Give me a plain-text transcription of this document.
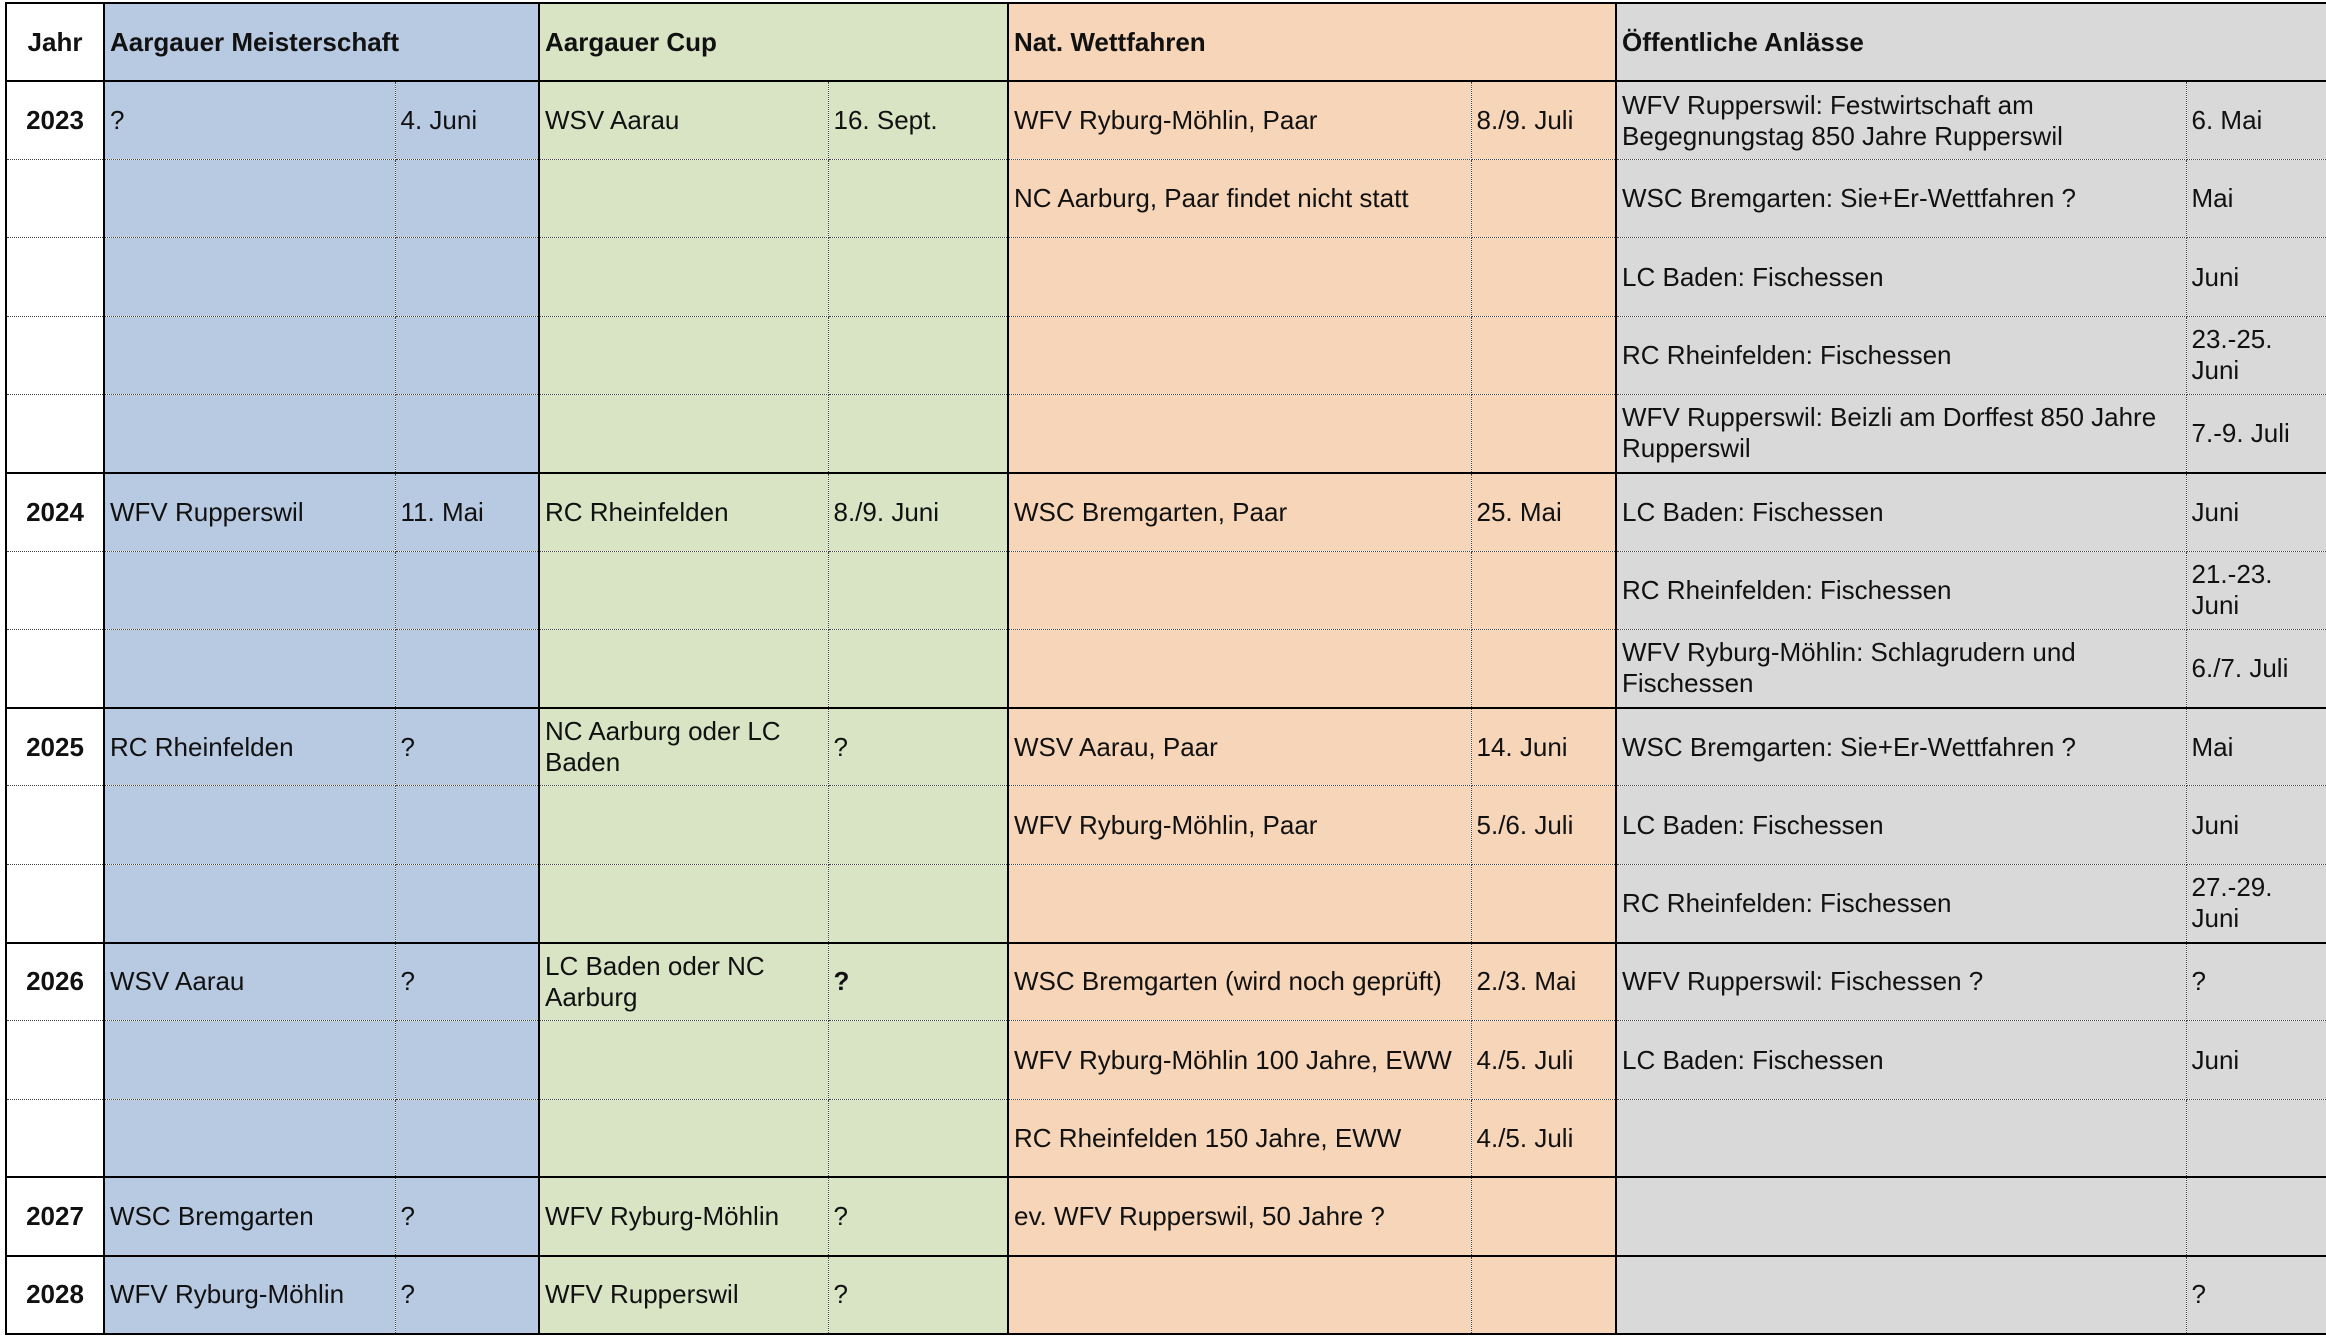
Jahr	Aargauer Meisterschaft		Aargauer Cup		Nat. Wettfahren		Öffentliche Anlässe	
2023	?	4. Juni	WSV Aarau	16. Sept.	WFV Ryburg-Möhlin, Paar	8./9. Juli	WFV Rupperswil: Festwirtschaft am Begegnungstag 850 Jahre Rupperswil	6. Mai
					NC Aarburg, Paar findet nicht statt		WSC Bremgarten: Sie+Er-Wettfahren ?	Mai
							LC Baden: Fischessen	Juni
							RC Rheinfelden: Fischessen	23.-25. Juni
							WFV Rupperswil: Beizli am Dorffest 850 Jahre Rupperswil	7.-9. Juli
2024	WFV Rupperswil	11. Mai	RC Rheinfelden	8./9. Juni	WSC Bremgarten, Paar	25. Mai	LC Baden: Fischessen	Juni
							RC Rheinfelden: Fischessen	21.-23. Juni
							WFV Ryburg-Möhlin: Schlagrudern und Fischessen	6./7. Juli
2025	RC Rheinfelden	?	NC Aarburg oder LC Baden	?	WSV Aarau, Paar	14. Juni	WSC Bremgarten: Sie+Er-Wettfahren ?	Mai
					WFV Ryburg-Möhlin, Paar	5./6. Juli	LC Baden: Fischessen	Juni
							RC Rheinfelden: Fischessen	27.-29. Juni
2026	WSV Aarau	?	LC Baden oder NC Aarburg	?	WSC Bremgarten (wird noch geprüft)	2./3. Mai	WFV Rupperswil: Fischessen ?	?
					WFV Ryburg-Möhlin 100 Jahre, EWW	4./5. Juli	LC Baden: Fischessen	Juni
					RC Rheinfelden 150 Jahre, EWW	4./5. Juli		
2027	WSC Bremgarten	?	WFV Ryburg-Möhlin	?	ev. WFV Rupperswil, 50 Jahre ?			
2028	WFV Ryburg-Möhlin	?	WFV Rupperswil	?				?
